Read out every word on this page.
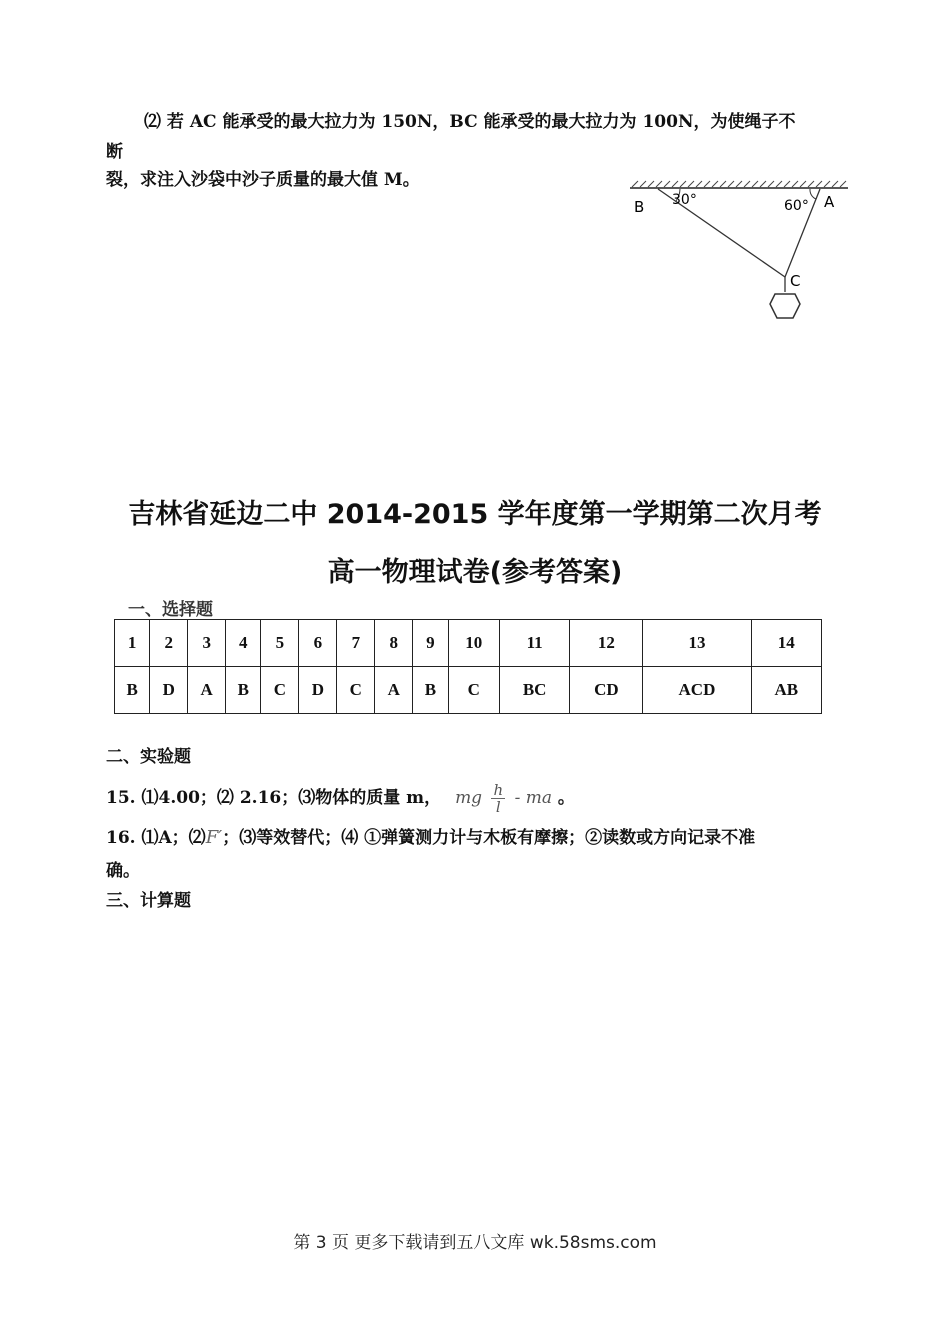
⑵ 若 AC 能承受的最大拉力为 150N，BC 能承受的最大拉力为 100N，为使绳子不
断
裂，求注入沙袋中沙子质量的最大值 M。
B	A
C
30°	60°
吉林省延边二中 2014-2015 学年度第一学期第二次月考
高一物理试卷(参考答案)
一、选择题
1	2	3	4	5	6	7	8	9	10	11	12	13	14
B	D	A	B	C	D	C	A	B	C	BC	CD	ACD	AB
二、实验题
15. ⑴4.00；⑵ 2.16；⑶物体的质量 m， mg $\frac{h}{l}$ - ma 。
16. ⑴A；⑵F′；⑶等效替代；⑷ ①弹簧测力计与木板有摩擦；②读数或方向记录不准
确。
三、计算题
第 3 页 更多下载请到五八文库 wk.58sms.com
